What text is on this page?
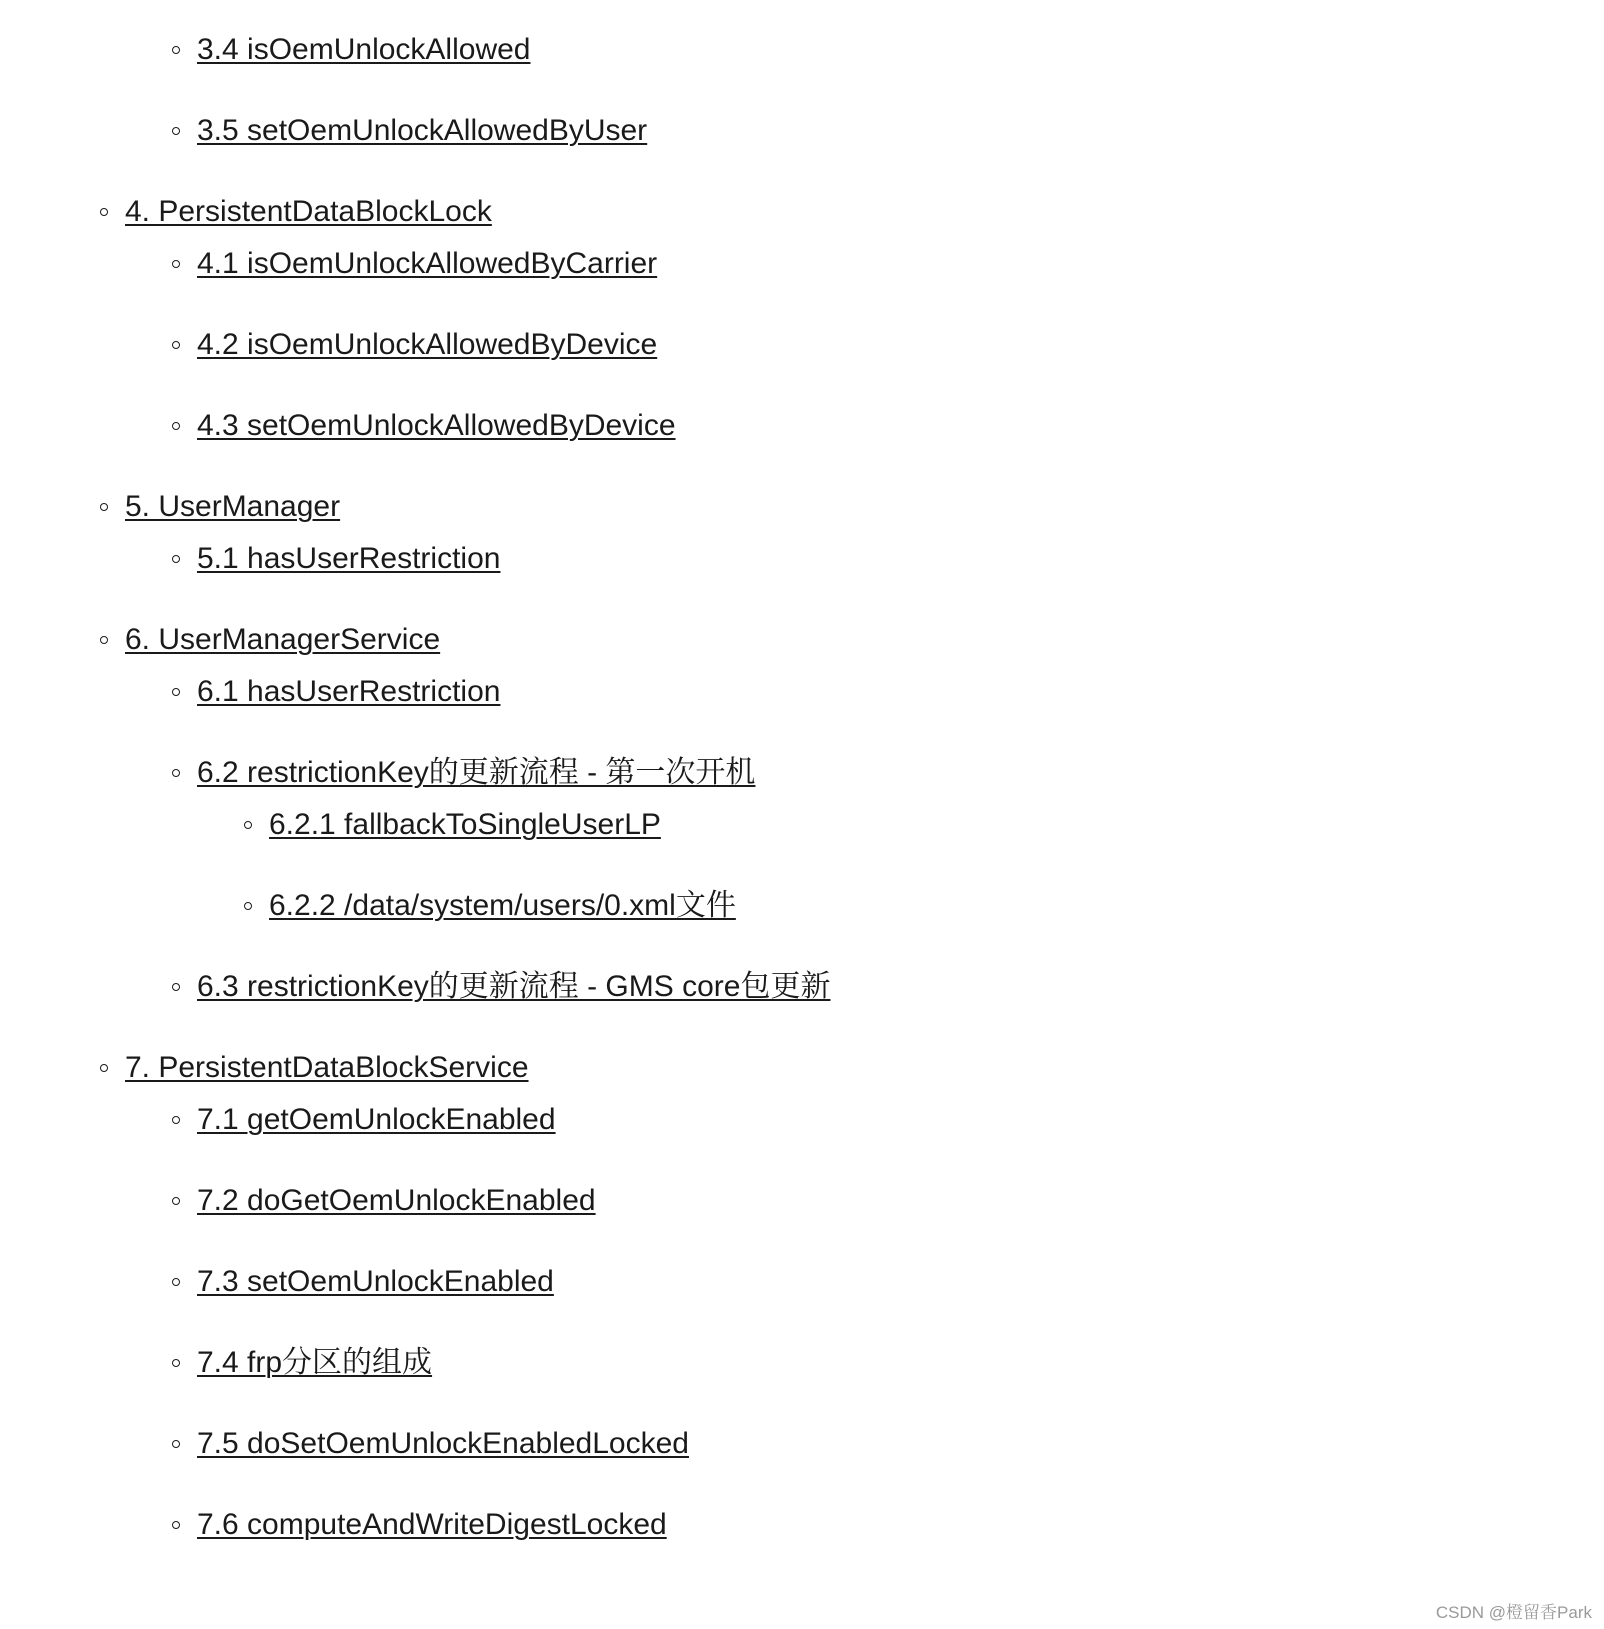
3.4 isOemUnlockAllowed
3.5 setOemUnlockAllowedByUser
4. PersistentDataBlockLock
4.1 isOemUnlockAllowedByCarrier
4.2 isOemUnlockAllowedByDevice
4.3 setOemUnlockAllowedByDevice
5. UserManager
5.1 hasUserRestriction
6. UserManagerService
6.1 hasUserRestriction
6.2 restrictionKey的更新流程 - 第一次开机
6.2.1 fallbackToSingleUserLP
6.2.2 /data/system/users/0.xml文件
6.3 restrictionKey的更新流程 - GMS core包更新
7. PersistentDataBlockService
7.1 getOemUnlockEnabled
7.2 doGetOemUnlockEnabled
7.3 setOemUnlockEnabled
7.4 frp分区的组成
7.5 doSetOemUnlockEnabledLocked
7.6 computeAndWriteDigestLocked
CSDN @橙留香Park
